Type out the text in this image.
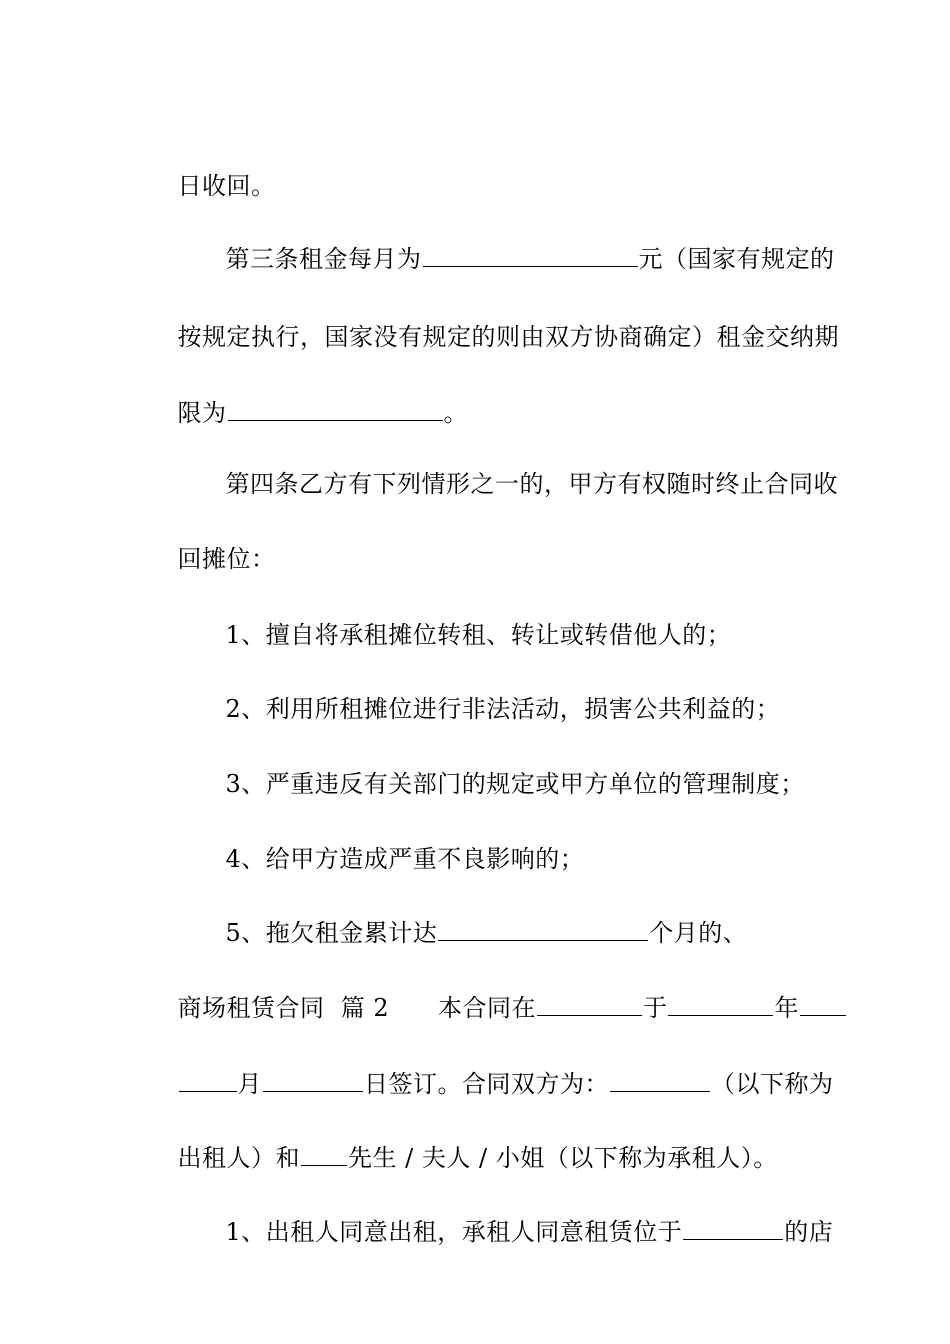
日收回。

第三条租金每月为	元（国家有规定的

按规定执行，国家没有规定的则由双方协商确定）租金交纳期

限为	。

第四条乙方有下列情形之一的，甲方有权随时终止合同收

回摊位：

1、擅自将承租摊位转租、转让或转借他人的；

2、利用所租摊位进行非法活动，损害公共利益的；

3、严重违反有关部门的规定或甲方单位的管理制度；

4、给甲方造成严重不良影响的；

5、拖欠租金累计达	个月的、

商场租赁合同  篇 2      本合同在	于	年

月	日签订。合同双方为：	（以下称为

出租人）和 先生 / 夫人 / 小姐（以下称为承租人）。

1、出租人同意出租，承租人同意租赁位于	的店
